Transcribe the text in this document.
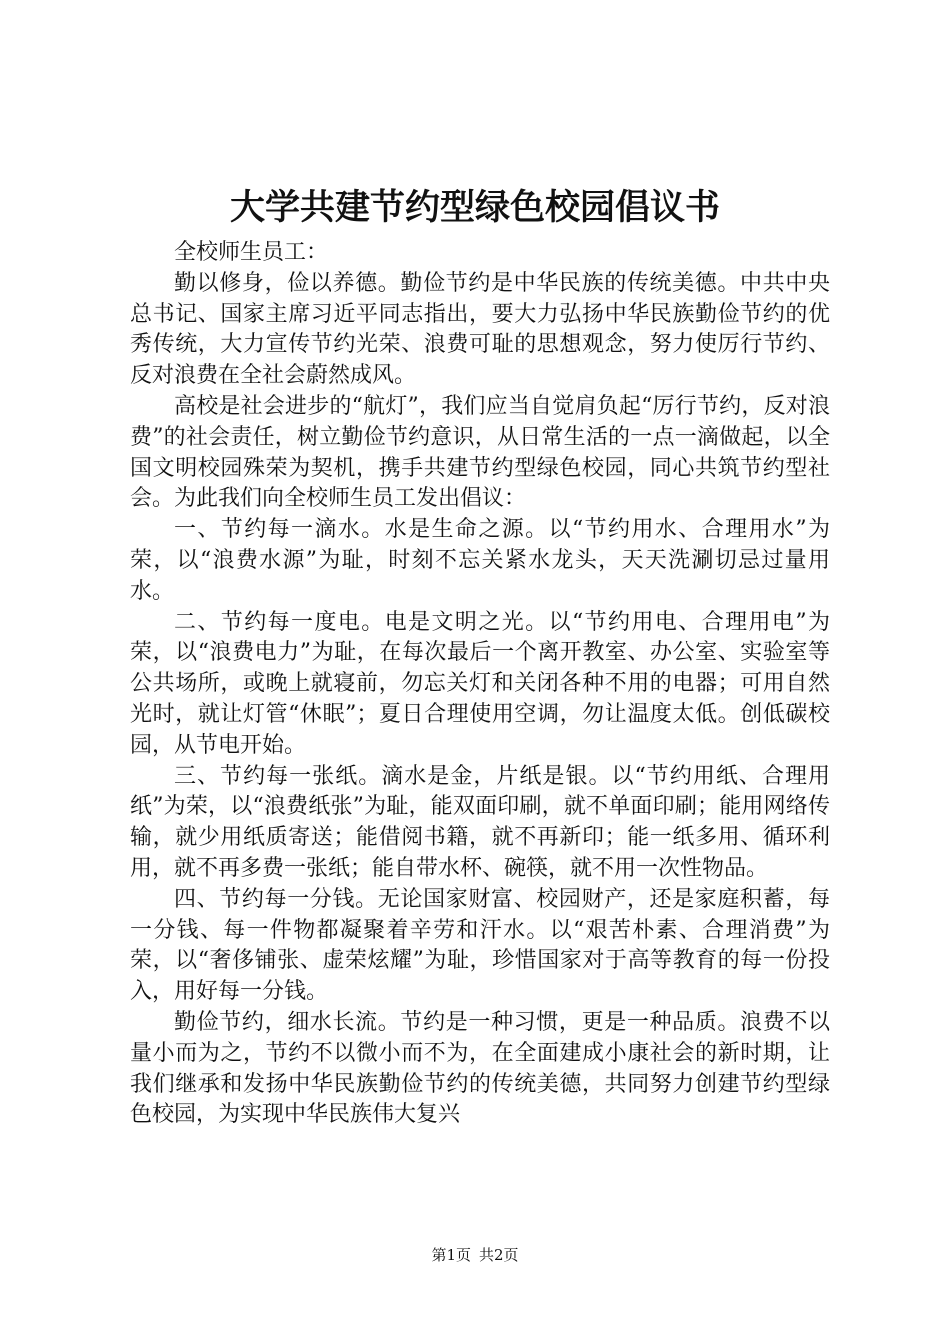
大学共建节约型绿色校园倡议书

全校师生员工：

勤以修身，俭以养德。勤俭节约是中华民族的传统美德。中共中央总书记、国家主席习近平同志指出，要大力弘扬中华民族勤俭节约的优秀传统，大力宣传节约光荣、浪费可耻的思想观念，努力使厉行节约、反对浪费在全社会蔚然成风。

高校是社会进步的“航灯”，我们应当自觉肩负起“厉行节约，反对浪费”的社会责任，树立勤俭节约意识，从日常生活的一点一滴做起，以全国文明校园殊荣为契机，携手共建节约型绿色校园，同心共筑节约型社会。为此我们向全校师生员工发出倡议：

一、节约每一滴水。水是生命之源。以“节约用水、合理用水”为荣，以“浪费水源”为耻，时刻不忘关紧水龙头，天天洗涮切忌过量用水。

二、节约每一度电。电是文明之光。以“节约用电、合理用电”为荣，以“浪费电力”为耻，在每次最后一个离开教室、办公室、实验室等公共场所，或晚上就寝前，勿忘关灯和关闭各种不用的电器；可用自然光时，就让灯管“休眠”；夏日合理使用空调，勿让温度太低。创低碳校园，从节电开始。

三、节约每一张纸。滴水是金，片纸是银。以“节约用纸、合理用纸”为荣，以“浪费纸张”为耻，能双面印刷，就不单面印刷；能用网络传输，就少用纸质寄送；能借阅书籍，就不再新印；能一纸多用、循环利用，就不再多费一张纸；能自带水杯、碗筷，就不用一次性物品。

四、节约每一分钱。无论国家财富、校园财产，还是家庭积蓄，每一分钱、每一件物都凝聚着辛劳和汗水。以“艰苦朴素、合理消费”为荣，以“奢侈铺张、虚荣炫耀”为耻，珍惜国家对于高等教育的每一份投入，用好每一分钱。

勤俭节约，细水长流。节约是一种习惯，更是一种品质。浪费不以量小而为之，节约不以微小而不为，在全面建成小康社会的新时期，让我们继承和发扬中华民族勤俭节约的传统美德，共同努力创建节约型绿色校园，为实现中华民族伟大复兴

第1页 共2页
